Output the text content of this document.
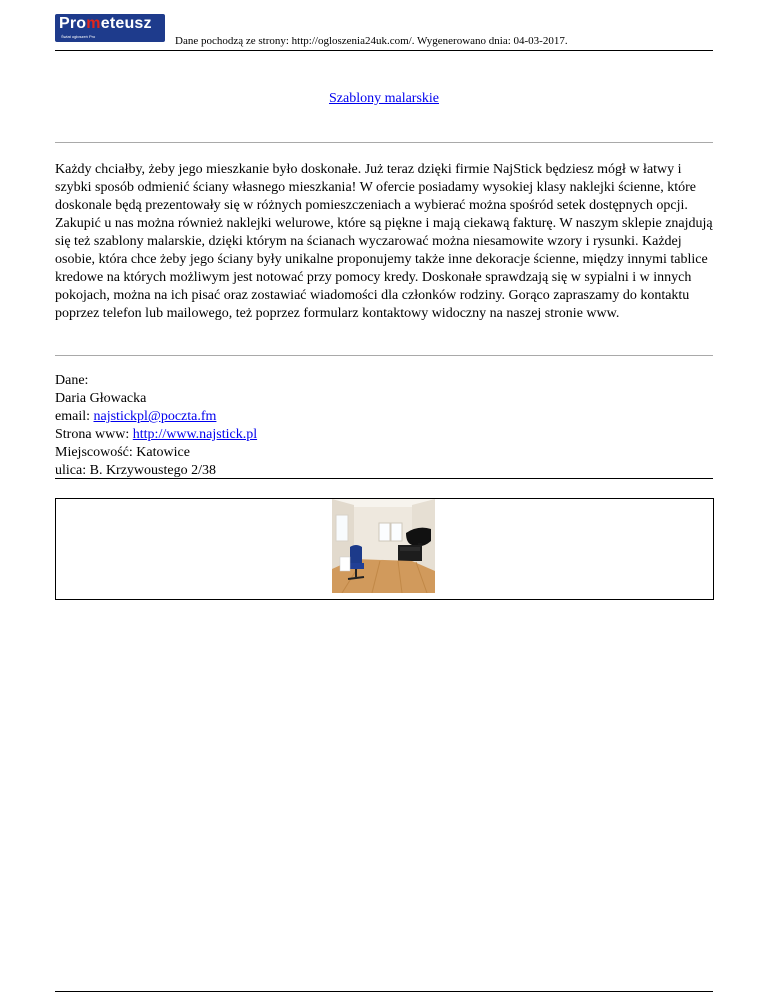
Prometeusz
Świat ogłoszeń Pro	Dane pochodzą ze strony: http://ogloszenia24uk.com/. Wygenerowano dnia: 04-03-2017.
Szablony malarskie

Każdy chciałby, żeby jego mieszkanie było doskonałe. Już teraz dzięki firmie NajStick będziesz mógł w łatwy i szybki sposób odmienić ściany własnego mieszkania! W ofercie posiadamy wysokiej klasy naklejki ścienne, które doskonale będą prezentowały się w różnych pomieszczeniach a wybierać można spośród setek dostępnych opcji. Zakupić u nas można również naklejki welurowe, które są piękne i mają ciekawą fakturę. W naszym sklepie znajdują się też szablony malarskie, dzięki którym na ścianach wyczarować można niesamowite wzory i rysunki. Każdej osobie, która chce żeby jego ściany były unikalne proponujemy także inne dekoracje ścienne, między innymi tablice kredowe na których możliwym jest notować przy pomocy kredy. Doskonałe sprawdzają się w sypialni i w innych pokojach, można na ich pisać oraz zostawiać wiadomości dla członków rodziny. Gorąco zapraszamy do kontaktu poprzez telefon lub mailowego, też poprzez formularz kontaktowy widoczny na naszej stronie www.

Dane:
Daria Głowacka
email: najstickpl@poczta.fm
Strona www: http://www.najstick.pl
Miejscowość: Katowice
ulica: B. Krzywoustego 2/38
